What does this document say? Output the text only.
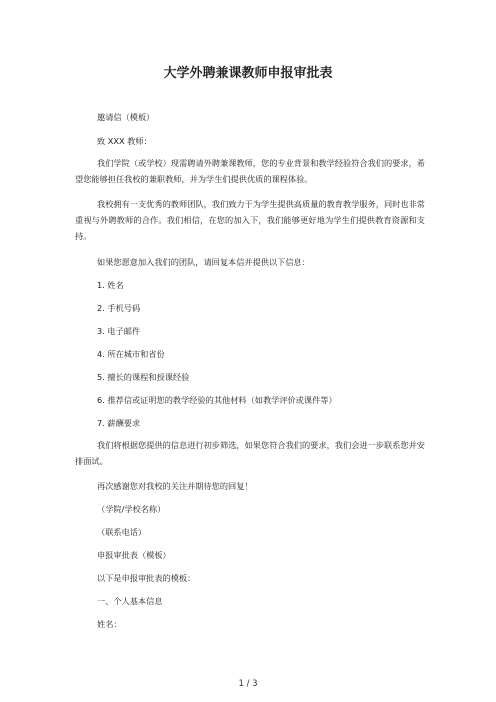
大学外聘兼课教师申报审批表
邀请信（模板）
致 XXX 教师：
我们学院（或学校）现需聘请外聘兼课教师，您的专业背景和教学经验符合我们的要求，希望您能够担任我校的兼职教师，并为学生们提供优质的课程体验。
我校拥有一支优秀的教师团队，我们致力于为学生提供高质量的教育教学服务，同时也非常重视与外聘教师的合作。我们相信，在您的加入下，我们能够更好地为学生们提供教育资源和支持。
如果您愿意加入我们的团队，请回复本信并提供以下信息：
1. 姓名
2. 手机号码
3. 电子邮件
4. 所在城市和省份
5. 擅长的课程和授课经验
6. 推荐信或证明您的教学经验的其他材料（如教学评价或课件等）
7. 薪酬要求
我们将根据您提供的信息进行初步筛选，如果您符合我们的要求，我们会进一步联系您并安排面试。
再次感谢您对我校的关注并期待您的回复！
（学院/学校名称）
（联系电话）
申报审批表（模板）
以下是申报审批表的模板：
一、个人基本信息
姓名：
1 / 3
